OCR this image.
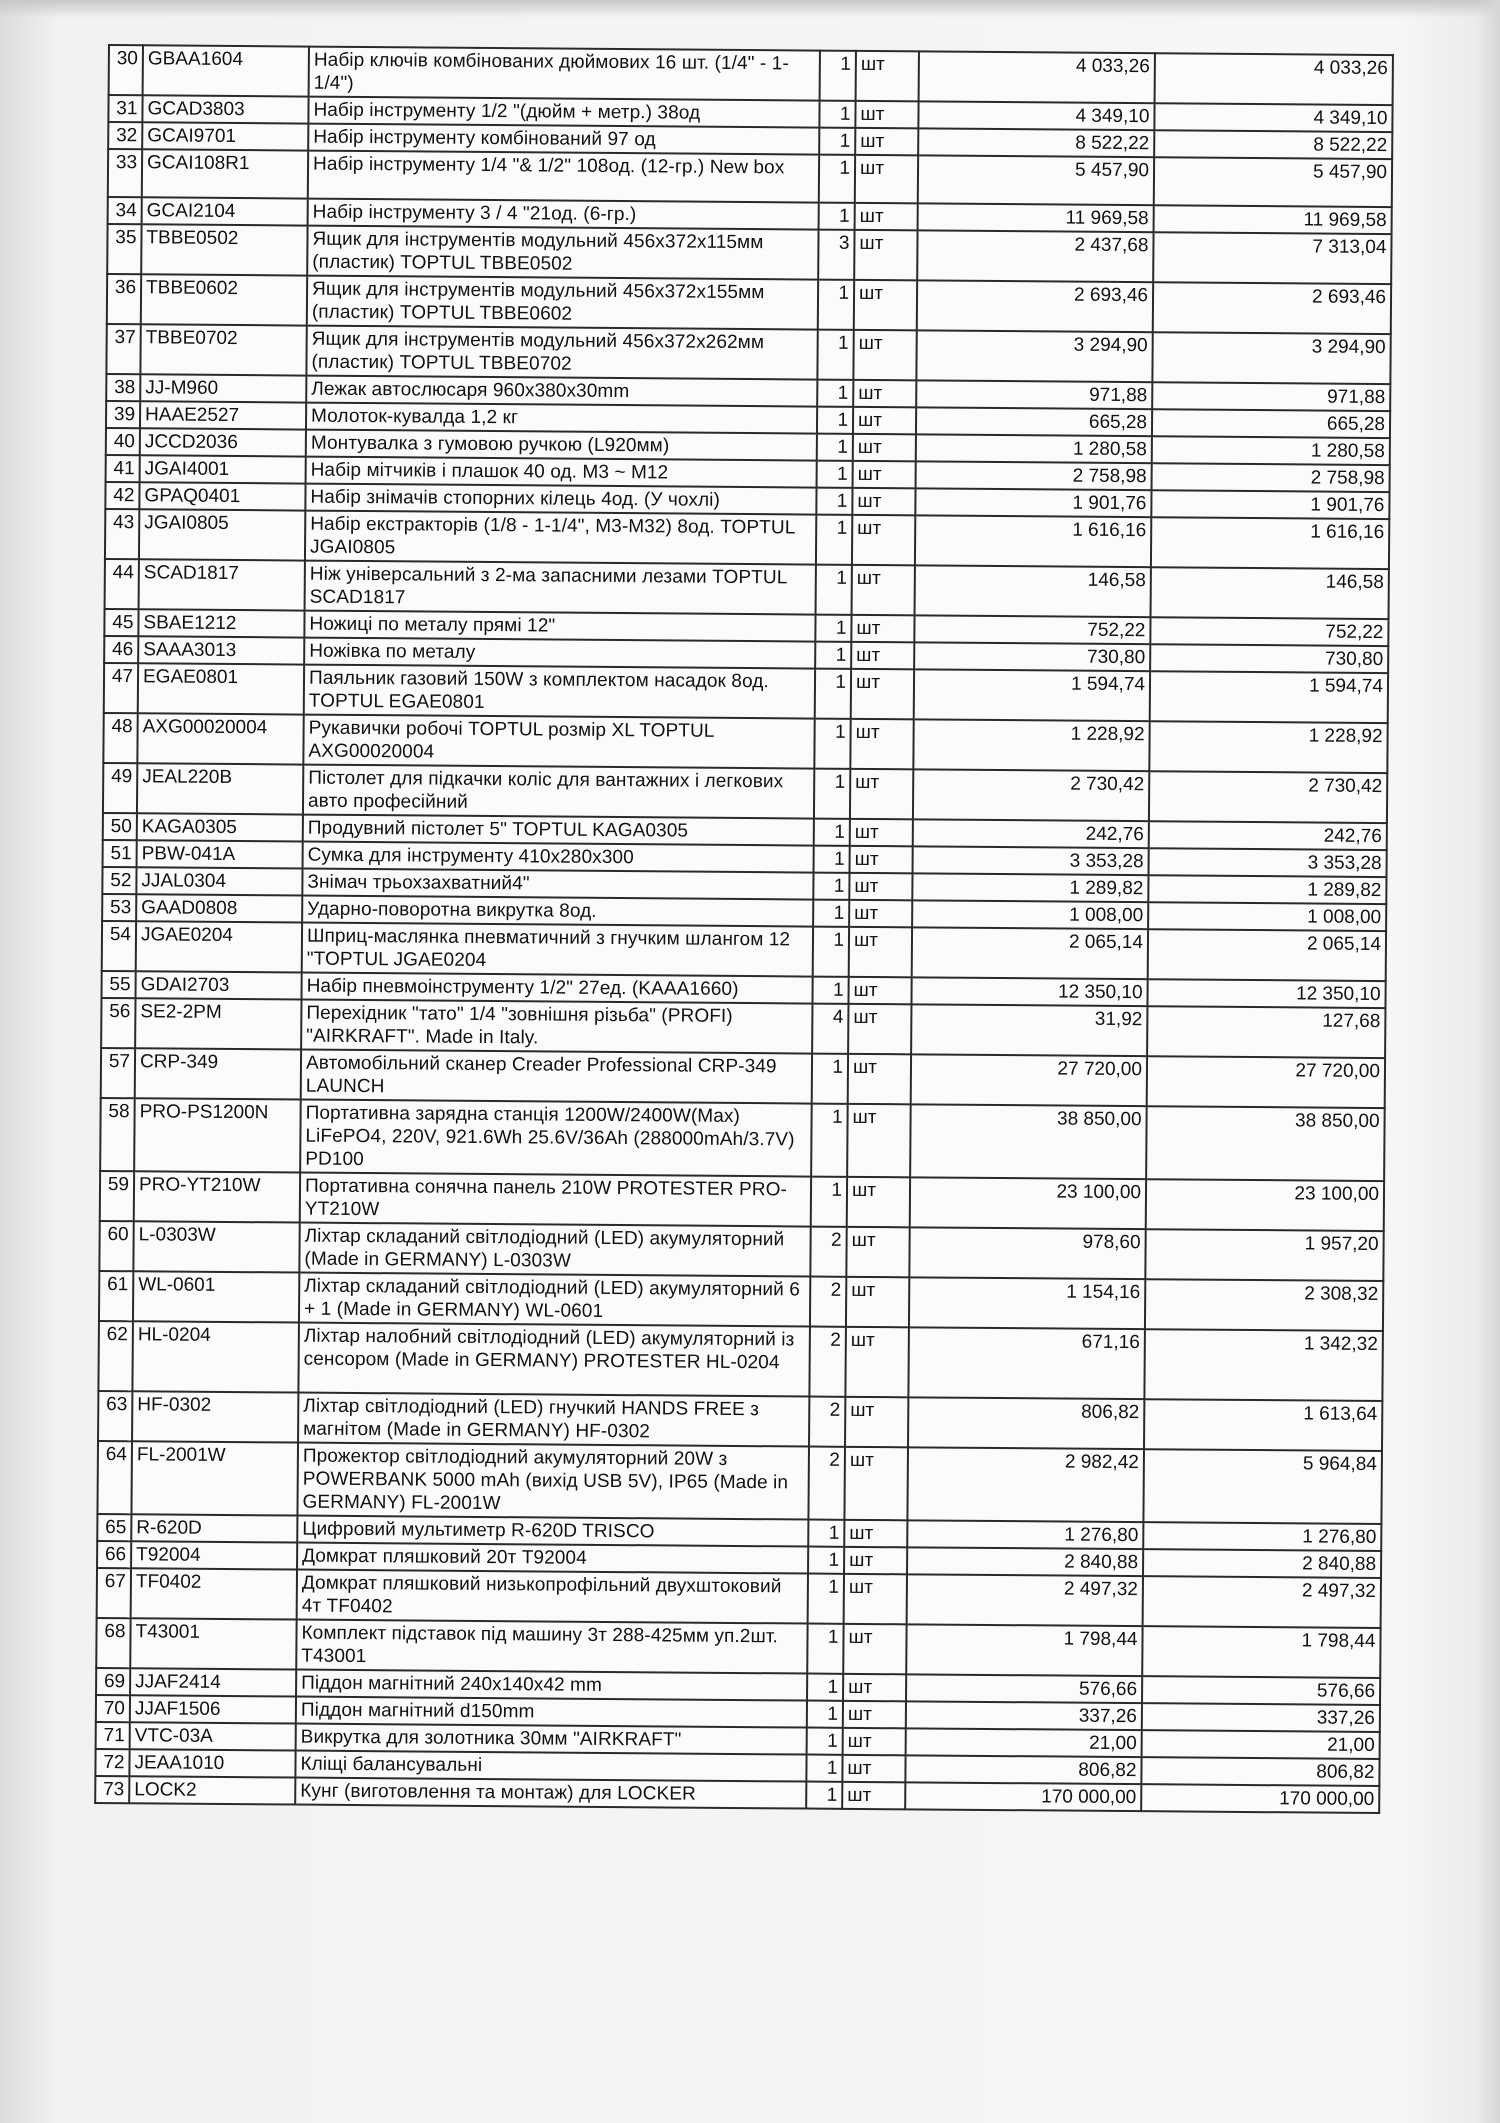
30	GBAA1604	Набір ключів комбінованих дюймових 16 шт. (1/4" - 1-1/4")	1	шт	4 033,26	4 033,26
31	GCAD3803	Набір інструменту 1/2 "(дюйм + метр.) 38од	1	шт	4 349,10	4 349,10
32	GCAI9701	Набір інструменту комбінований 97 од	1	шт	8 522,22	8 522,22
33	GCAI108R1	Набір інструменту 1/4 "& 1/2" 108од. (12-гр.) New box	1	шт	5 457,90	5 457,90
34	GCAI2104	Набір інструменту 3 / 4 "21од. (6-гр.)	1	шт	11 969,58	11 969,58
35	TBBE0502	Ящик для інструментів модульний 456x372x115мм (пластик) TOPTUL TBBE0502	3	шт	2 437,68	7 313,04
36	TBBE0602	Ящик для інструментів модульний 456x372x155мм (пластик) TOPTUL TBBE0602	1	шт	2 693,46	2 693,46
37	TBBE0702	Ящик для інструментів модульний 456x372x262мм (пластик) TOPTUL TBBE0702	1	шт	3 294,90	3 294,90
38	JJ-M960	Лежак автослюсаря 960x380x30mm	1	шт	971,88	971,88
39	HAAE2527	Молоток-кувалда 1,2 кг	1	шт	665,28	665,28
40	JCCD2036	Монтувалка з гумовою ручкою (L920мм)	1	шт	1 280,58	1 280,58
41	JGAI4001	Набір мітчиків і плашок 40 од. M3 ~ M12	1	шт	2 758,98	2 758,98
42	GPAQ0401	Набір знімачів стопорних кілець 4од. (У чохлі)	1	шт	1 901,76	1 901,76
43	JGAI0805	Набір екстракторів (1/8 - 1-1/4", M3-M32) 8од. TOPTUL JGAI0805	1	шт	1 616,16	1 616,16
44	SCAD1817	Ніж універсальний з 2-ма запасними лезами TOPTUL SCAD1817	1	шт	146,58	146,58
45	SBAE1212	Ножиці по металу прямі 12"	1	шт	752,22	752,22
46	SAAA3013	Ножівка по металу	1	шт	730,80	730,80
47	EGAE0801	Паяльник газовий 150W з комплектом насадок 8од. TOPTUL EGAE0801	1	шт	1 594,74	1 594,74
48	AXG00020004	Рукавички робочі TOPTUL розмір XL TOPTUL AXG00020004	1	шт	1 228,92	1 228,92
49	JEAL220B	Пістолет для підкачки коліс для вантажних і легкових авто професійний	1	шт	2 730,42	2 730,42
50	KAGA0305	Продувний пістолет 5" TOPTUL KAGA0305	1	шт	242,76	242,76
51	PBW-041A	Сумка для інструменту 410x280x300	1	шт	3 353,28	3 353,28
52	JJAL0304	Знімач трьохзахватний4"	1	шт	1 289,82	1 289,82
53	GAAD0808	Ударно-поворотна викрутка 8од.	1	шт	1 008,00	1 008,00
54	JGAE0204	Шприц-маслянка пневматичний з гнучким шлангом 12 "TOPTUL JGAE0204	1	шт	2 065,14	2 065,14
55	GDAI2703	Набір пневмоінструменту 1/2" 27ед. (KAAA1660)	1	шт	12 350,10	12 350,10
56	SE2-2PM	Перехідник "тато" 1/4 "зовнішня різьба" (PROFI) "AIRKRAFT". Made in Italy.	4	шт	31,92	127,68
57	CRP-349	Автомобільний сканер Creader Professional CRP-349 LAUNCH	1	шт	27 720,00	27 720,00
58	PRO-PS1200N	Портативна зарядна станція 1200W/2400W(Max) LiFePO4, 220V, 921.6Wh 25.6V/36Ah (288000mAh/3.7V) PD100	1	шт	38 850,00	38 850,00
59	PRO-YT210W	Портативна сонячна панель 210W PROTESTER PRO-YT210W	1	шт	23 100,00	23 100,00
60	L-0303W	Ліхтар складаний світлодіодний (LED) акумуляторний (Made in GERMANY) L-0303W	2	шт	978,60	1 957,20
61	WL-0601	Ліхтар складаний світлодіодний (LED) акумуляторний 6 + 1 (Made in GERMANY) WL-0601	2	шт	1 154,16	2 308,32
62	HL-0204	Ліхтар налобний світлодіодний (LED) акумуляторний із сенсором (Made in GERMANY) PROTESTER HL-0204	2	шт	671,16	1 342,32
63	HF-0302	Ліхтар світлодіодний (LED) гнучкий HANDS FREE з магнітом (Made in GERMANY) HF-0302	2	шт	806,82	1 613,64
64	FL-2001W	Прожектор світлодіодний акумуляторний 20W з POWERBANK 5000 mAh (вихід USB 5V), IP65 (Made in GERMANY) FL-2001W	2	шт	2 982,42	5 964,84
65	R-620D	Цифровий мультиметр R-620D TRISCO	1	шт	1 276,80	1 276,80
66	T92004	Домкрат пляшковий 20т T92004	1	шт	2 840,88	2 840,88
67	TF0402	Домкрат пляшковий низькопрофільний двухштоковий 4т TF0402	1	шт	2 497,32	2 497,32
68	T43001	Комплект підставок під машину 3т 288-425мм уп.2шт. T43001	1	шт	1 798,44	1 798,44
69	JJAF2414	Піддон магнітний 240x140x42 mm	1	шт	576,66	576,66
70	JJAF1506	Піддон магнітний d150mm	1	шт	337,26	337,26
71	VTC-03A	Викрутка для золотника 30мм "AIRKRAFT"	1	шт	21,00	21,00
72	JEAA1010	Кліщі балансувальні	1	шт	806,82	806,82
73	LOCK2	Кунг (виготовлення та монтаж) для LOCKER	1	шт	170 000,00	170 000,00
